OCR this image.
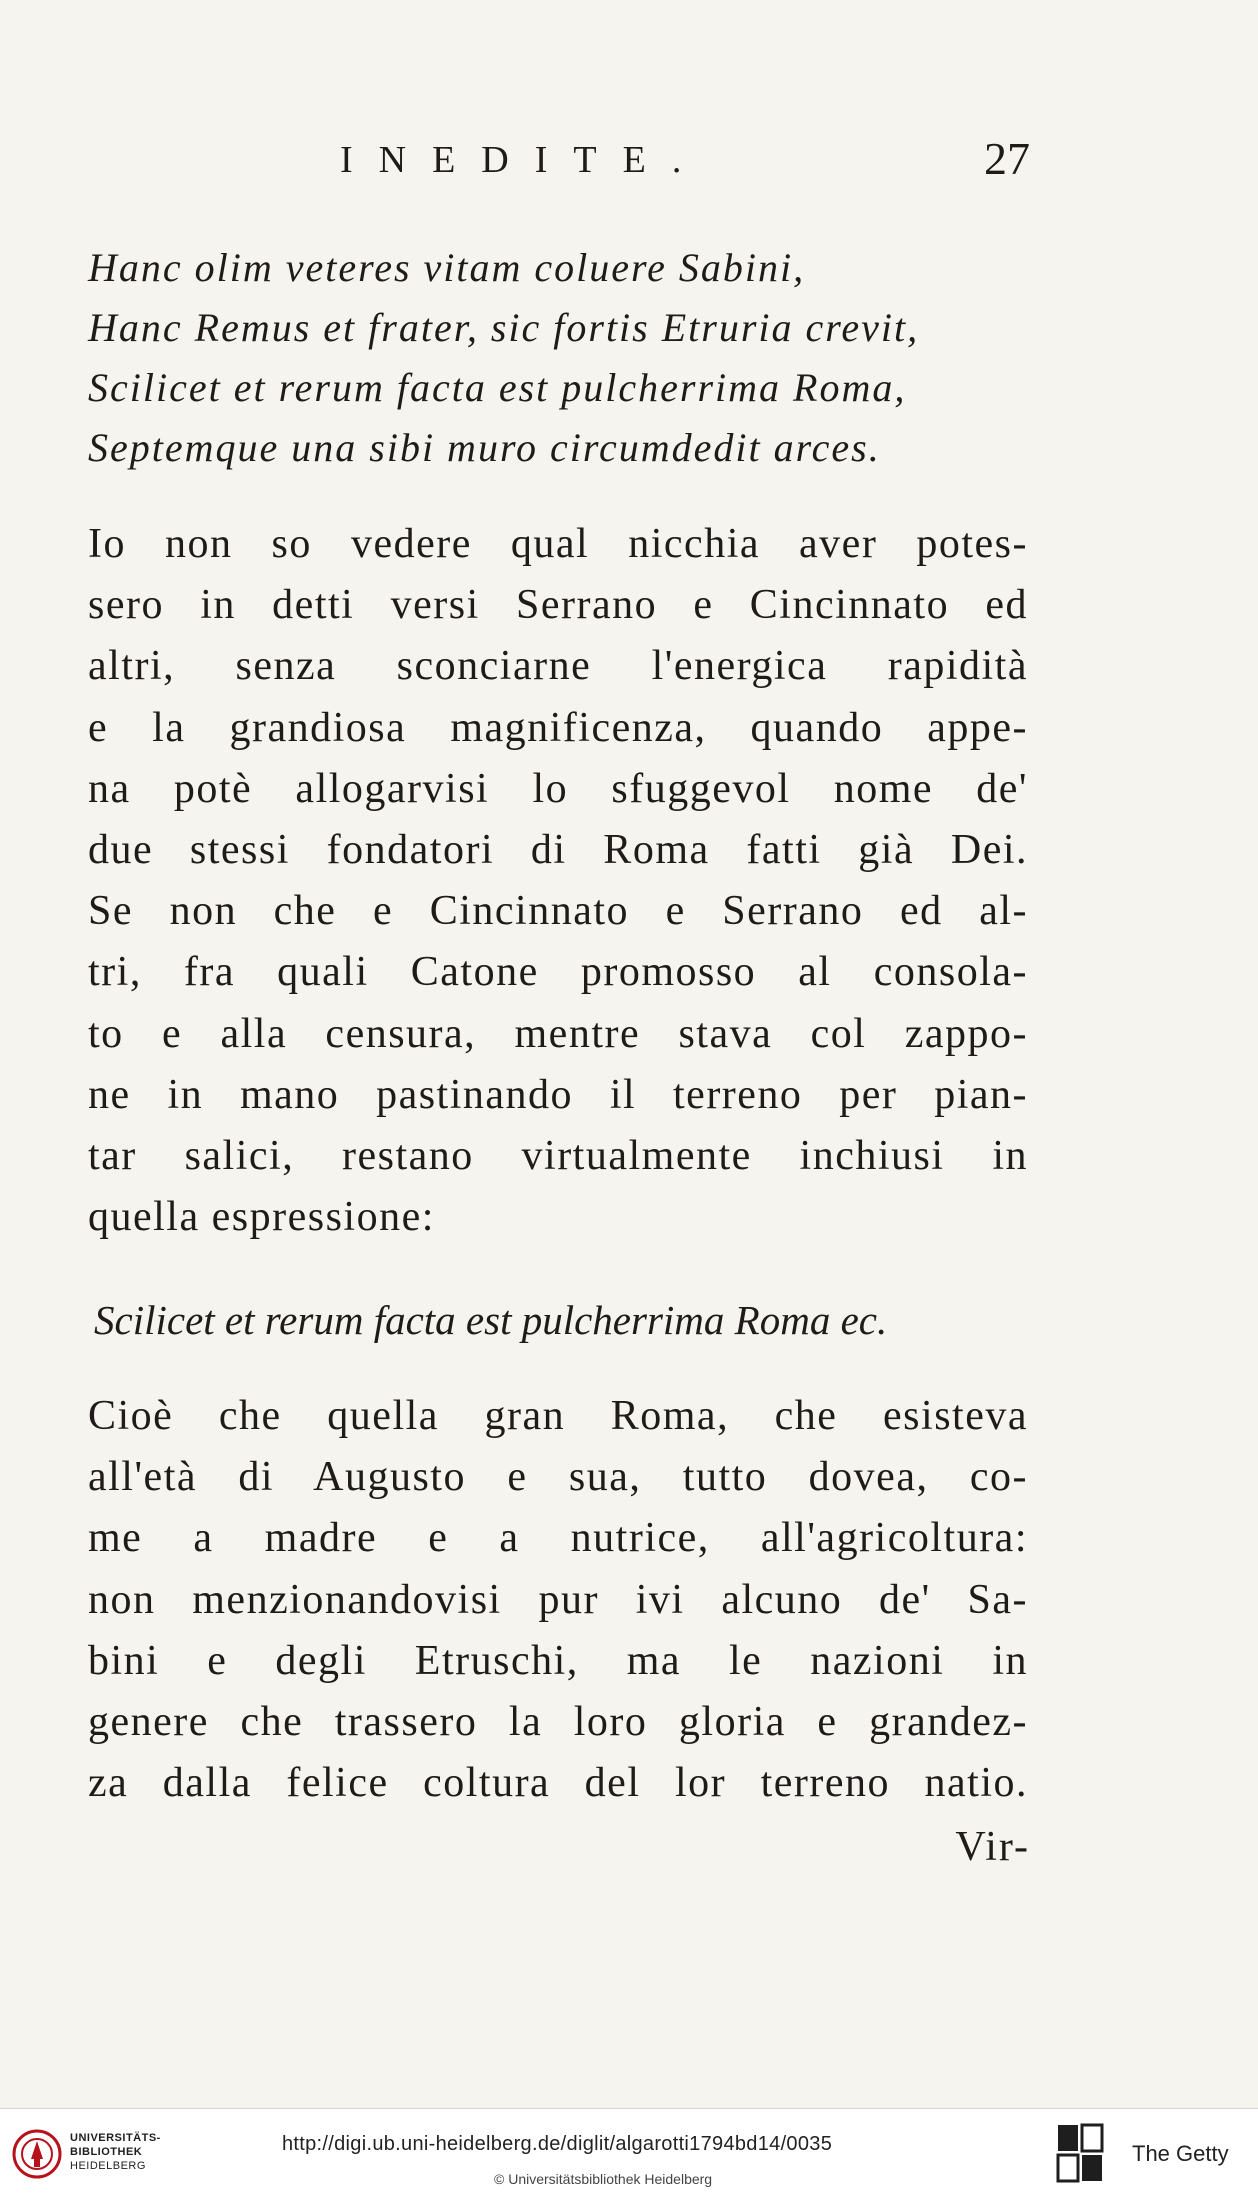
INEDITE.	27
Hanc olim veteres vitam coluere Sabini,
Hanc Remus et frater, sic fortis Etruria crevit,
Scilicet et rerum facta est pulcherrima Roma,
Septemque una sibi muro circumdedit arces.
Io non so vedere qual nicchia aver potes-
sero in detti versi Serrano e Cincinnato ed
altri, senza sconciarne l'energica rapidità
e la grandiosa magnificenza, quando appe-
na potè allogarvisi lo sfuggevol nome de'
due stessi fondatori di Roma fatti già Dei.
Se non che e Cincinnato e Serrano ed al-
tri, fra quali Catone promosso al consola-
to e alla censura, mentre stava col zappo-
ne in mano pastinando il terreno per pian-
tar salici, restano virtualmente inchiusi in
quella espressione:
Scilicet et rerum facta est pulcherrima Roma ec.
Cioè che quella gran Roma, che esisteva
all'età di Augusto e sua, tutto dovea, co-
me a madre e a nutrice, all'agricoltura:
non menzionandovisi pur ivi alcuno de' Sa-
bini e degli Etruschi, ma le nazioni in
genere che trassero la loro gloria e grandez-
za dalla felice coltura del lor terreno natio.
Vir-
UNIVERSITÄTS-
BIBLIOTHEK
HEIDELBERG
http://digi.ub.uni-heidelberg.de/diglit/algarotti1794bd14/0035
© Universitätsbibliothek Heidelberg
The Getty
